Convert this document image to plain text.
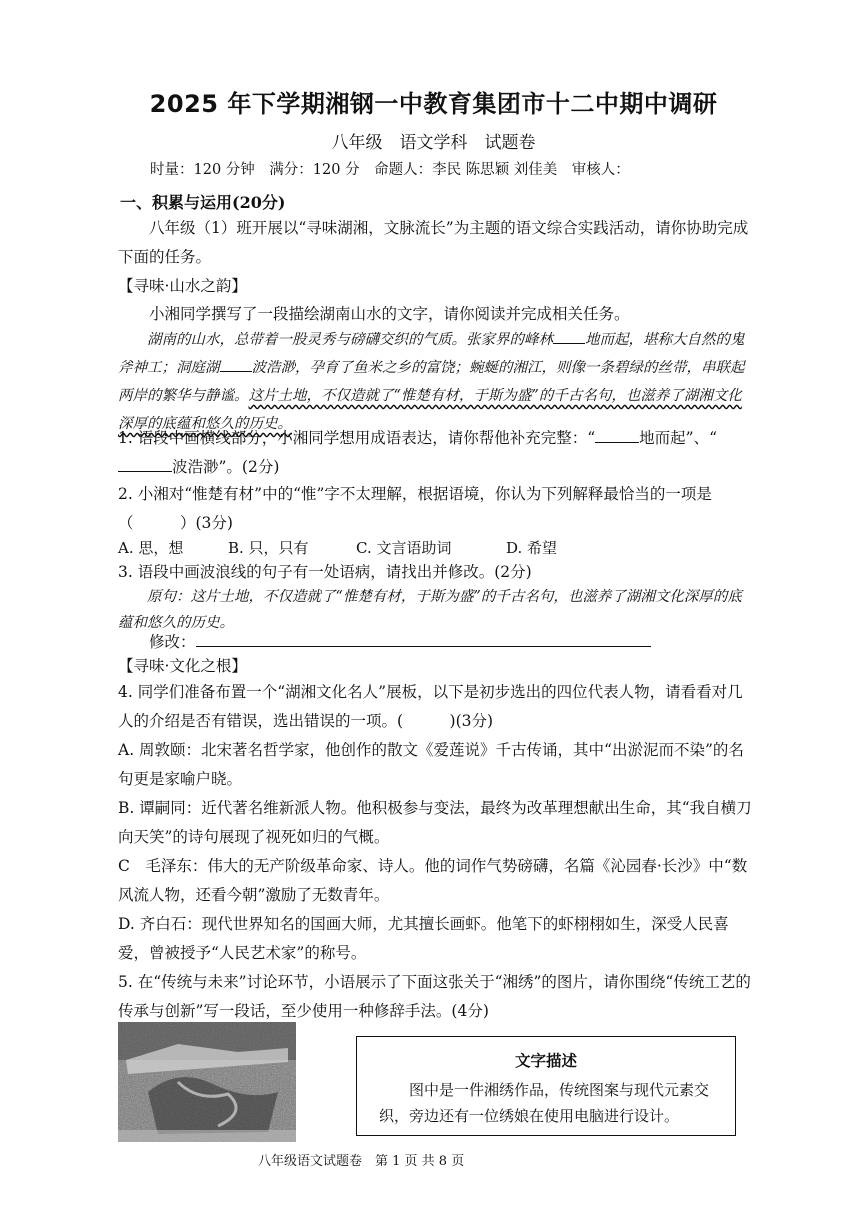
2025 年下学期湘钢一中教育集团市十二中期中调研
八年级　语文学科　试题卷
时量：120 分钟　满分：120 分　命题人：李民 陈思颖 刘佳美　审核人：
一、积累与运用(20分)
八年级（1）班开展以“寻味湖湘，文脉流长”为主题的语文综合实践活动，请你协助完成下面的任务。
【寻味·山水之韵】
小湘同学撰写了一段描绘湖南山水的文字，请你阅读并完成相关任务。
湖南的山水，总带着一股灵秀与磅礴交织的气质。张家界的峰林 地而起，堪称大自然的鬼斧神工；洞庭湖 波浩渺，孕育了鱼米之乡的富饶；蜿蜒的湘江，则像一条碧绿的丝带，串联起两岸的繁华与静谧。这片土地，不仅造就了“惟楚有材，于斯为盛”的千古名句，也滋养了湖湘文化深厚的底蕴和悠久的历史。
1. 语段中画横线部分，小湘同学想用成语表达，请你帮他补充完整：“	地而起”、“波浩渺”。(2分)
2. 小湘对“惟楚有材”中的“惟”字不太理解，根据语境，你认为下列解释最恰当的一项是（　　　）(3分)
A. 思，想	B. 只，只有	C. 文言语助词	D. 希望
3. 语段中画波浪线的句子有一处语病，请找出并修改。(2分)
原句：这片土地，不仅造就了“惟楚有材，于斯为盛”的千古名句，也滋养了湖湘文化深厚的底蕴和悠久的历史。
修改：
【寻味·文化之根】
4. 同学们准备布置一个“湖湘文化名人”展板，以下是初步选出的四位代表人物，请看看对几人的介绍是否有错误，选出错误的一项。(　　　)(3分)
A. 周敦颐：北宋著名哲学家，他创作的散文《爱莲说》千古传诵，其中“出淤泥而不染”的名句更是家喻户晓。
B. 谭嗣同：近代著名维新派人物。他积极参与变法，最终为改革理想献出生命，其“我自横刀向天笑”的诗句展现了视死如归的气概。
C　毛泽东：伟大的无产阶级革命家、诗人。他的词作气势磅礴，名篇《沁园春·长沙》中“数风流人物，还看今朝”激励了无数青年。
D. 齐白石：现代世界知名的国画大师，尤其擅长画虾。他笔下的虾栩栩如生，深受人民喜爱，曾被授予“人民艺术家”的称号。
5. 在“传统与未来”讨论环节，小语展示了下面这张关于“湘绣”的图片，请你围绕“传统工艺的传承与创新”写一段话，至少使用一种修辞手法。(4分)
文字描述
图中是一件湘绣作品，传统图案与现代元素交织，旁边还有一位绣娘在使用电脑进行设计。
八年级语文试题卷　第 1 页 共 8 页
